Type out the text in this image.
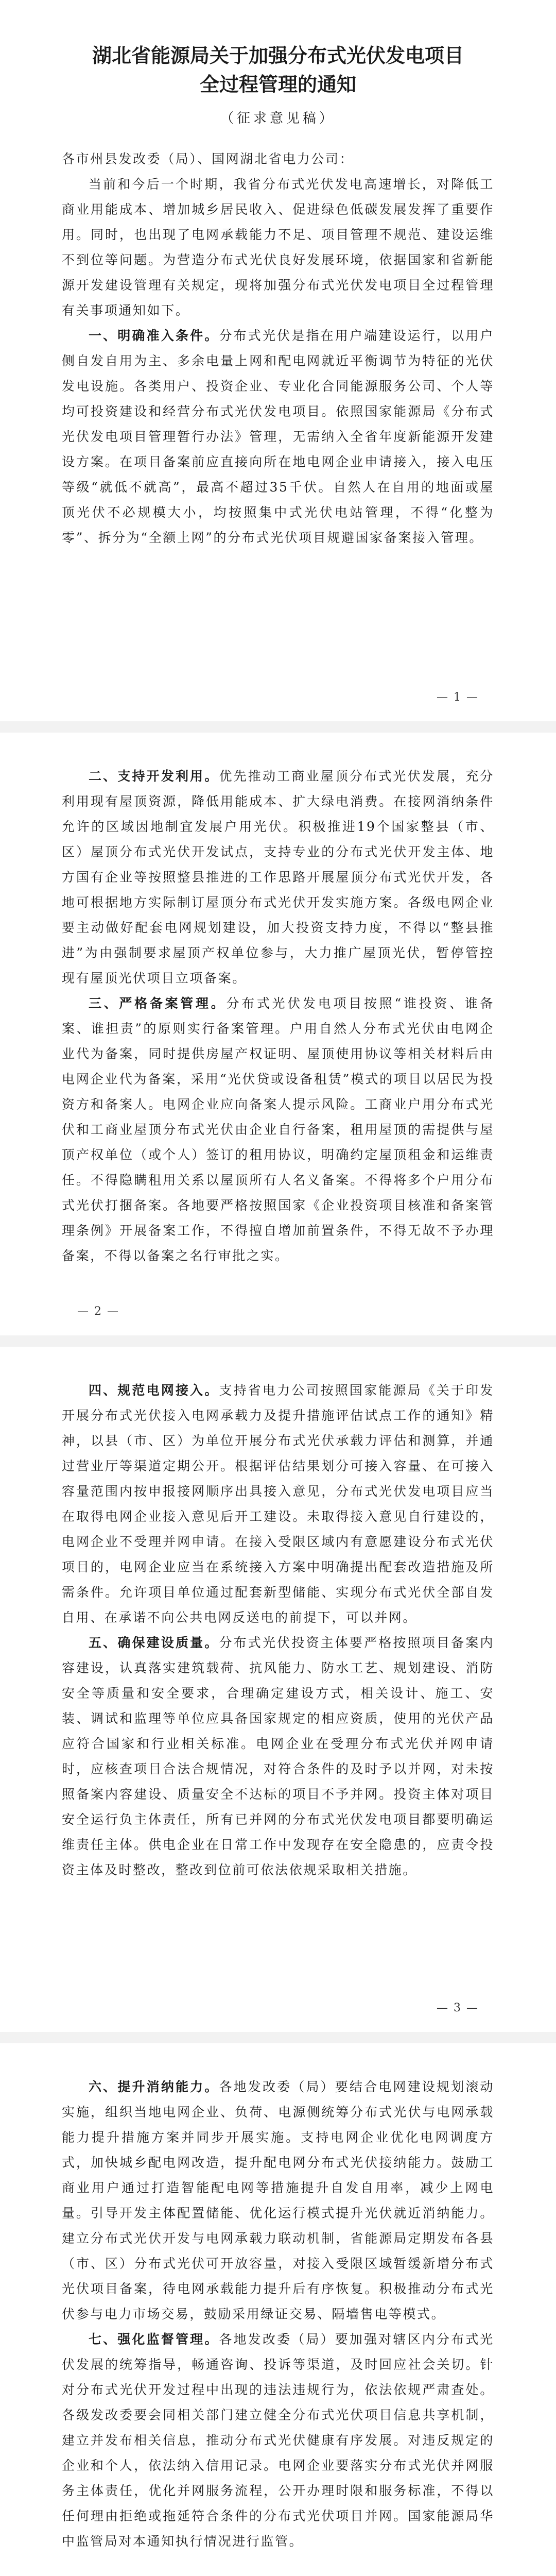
湖北省能源局关于加强分布式光伏发电项目
全过程管理的通知
（征求意见稿）

各市州县发改委（局）、国网湖北省电力公司：

当前和今后一个时期，我省分布式光伏发电高速增长，对降低工商业用能成本、增加城乡居民收入、促进绿色低碳发展发挥了重要作用。同时，也出现了电网承载能力不足、项目管理不规范、建设运维不到位等问题。为营造分布式光伏良好发展环境，依据国家和省新能源开发建设管理有关规定，现将加强分布式光伏发电项目全过程管理有关事项通知如下。

一、明确准入条件。分布式光伏是指在用户端建设运行，以用户侧自发自用为主、多余电量上网和配电网就近平衡调节为特征的光伏发电设施。各类用户、投资企业、专业化合同能源服务公司、个人等均可投资建设和经营分布式光伏发电项目。依照国家能源局《分布式光伏发电项目管理暂行办法》管理，无需纳入全省年度新能源开发建设方案。在项目备案前应直接向所在地电网企业申请接入，接入电压等级“就低不就高”，最高不超过35千伏。自然人在自用的地面或屋顶光伏不必规模大小，均按照集中式光伏电站管理，不得“化整为零”、拆分为“全额上网”的分布式光伏项目规避国家备案接入管理。

— 1 —

二、支持开发利用。优先推动工商业屋顶分布式光伏发展，充分利用现有屋顶资源，降低用能成本、扩大绿电消费。在接网消纳条件允许的区域因地制宜发展户用光伏。积极推进19个国家整县（市、区）屋顶分布式光伏开发试点，支持专业的分布式光伏开发主体、地方国有企业等按照整县推进的工作思路开展屋顶分布式光伏开发，各地可根据地方实际制订屋顶分布式光伏开发实施方案。各级电网企业要主动做好配套电网规划建设，加大投资支持力度，不得以“整县推进”为由强制要求屋顶产权单位参与，大力推广屋顶光伏，暂停管控现有屋顶光伏项目立项备案。

三、严格备案管理。分布式光伏发电项目按照“谁投资、谁备案、谁担责”的原则实行备案管理。户用自然人分布式光伏由电网企业代为备案，同时提供房屋产权证明、屋顶使用协议等相关材料后由电网企业代为备案，采用“光伏贷或设备租赁”模式的项目以居民为投资方和备案人。电网企业应向备案人提示风险。工商业户用分布式光伏和工商业屋顶分布式光伏由企业自行备案，租用屋顶的需提供与屋顶产权单位（或个人）签订的租用协议，明确约定屋顶租金和运维责任。不得隐瞒租用关系以屋顶所有人名义备案。不得将多个户用分布式光伏打捆备案。各地要严格按照国家《企业投资项目核准和备案管理条例》开展备案工作，不得擅自增加前置条件，不得无故不予办理备案，不得以备案之名行审批之实。

— 2 —

四、规范电网接入。支持省电力公司按照国家能源局《关于印发开展分布式光伏接入电网承载力及提升措施评估试点工作的通知》精神，以县（市、区）为单位开展分布式光伏承载力评估和测算，并通过营业厅等渠道定期公开。根据评估结果划分可接入容量、在可接入容量范围内按申报接网顺序出具接入意见，分布式光伏发电项目应当在取得电网企业接入意见后开工建设。未取得接入意见自行建设的，电网企业不受理并网申请。在接入受限区域内有意愿建设分布式光伏项目的，电网企业应当在系统接入方案中明确提出配套改造措施及所需条件。允许项目单位通过配套新型储能、实现分布式光伏全部自发自用、在承诺不向公共电网反送电的前提下，可以并网。

五、确保建设质量。分布式光伏投资主体要严格按照项目备案内容建设，认真落实建筑载荷、抗风能力、防水工艺、规划建设、消防安全等质量和安全要求，合理确定建设方式，相关设计、施工、安装、调试和监理等单位应具备国家规定的相应资质，使用的光伏产品应符合国家和行业相关标准。电网企业在受理分布式光伏并网申请时，应核查项目合法合规情况，对符合条件的及时予以并网，对未按照备案内容建设、质量安全不达标的项目不予并网。投资主体对项目安全运行负主体责任，所有已并网的分布式光伏发电项目都要明确运维责任主体。供电企业在日常工作中发现存在安全隐患的，应责令投资主体及时整改，整改到位前可依法依规采取相关措施。

— 3 —

六、提升消纳能力。各地发改委（局）要结合电网建设规划滚动实施，组织当地电网企业、负荷、电源侧统筹分布式光伏与电网承载能力提升措施方案并同步开展实施。支持电网企业优化电网调度方式，加快城乡配电网改造，提升配电网分布式光伏接纳能力。鼓励工商业用户通过打造智能配电网等措施提升自发自用率，减少上网电量。引导开发主体配置储能、优化运行模式提升光伏就近消纳能力。建立分布式光伏开发与电网承载力联动机制，省能源局定期发布各县（市、区）分布式光伏可开放容量，对接入受限区域暂缓新增分布式光伏项目备案，待电网承载能力提升后有序恢复。积极推动分布式光伏参与电力市场交易，鼓励采用绿证交易、隔墙售电等模式。

七、强化监督管理。各地发改委（局）要加强对辖区内分布式光伏发展的统筹指导，畅通咨询、投诉等渠道，及时回应社会关切。针对分布式光伏开发过程中出现的违法违规行为，依法依规严肃查处。各级发改委要会同相关部门建立健全分布式光伏项目信息共享机制，建立并发布相关信息，推动分布式光伏健康有序发展。对违反规定的企业和个人，依法纳入信用记录。电网企业要落实分布式光伏并网服务主体责任，优化并网服务流程，公开办理时限和服务标准，不得以任何理由拒绝或拖延符合条件的分布式光伏项目并网。国家能源局华中监管局对本通知执行情况进行监管。
